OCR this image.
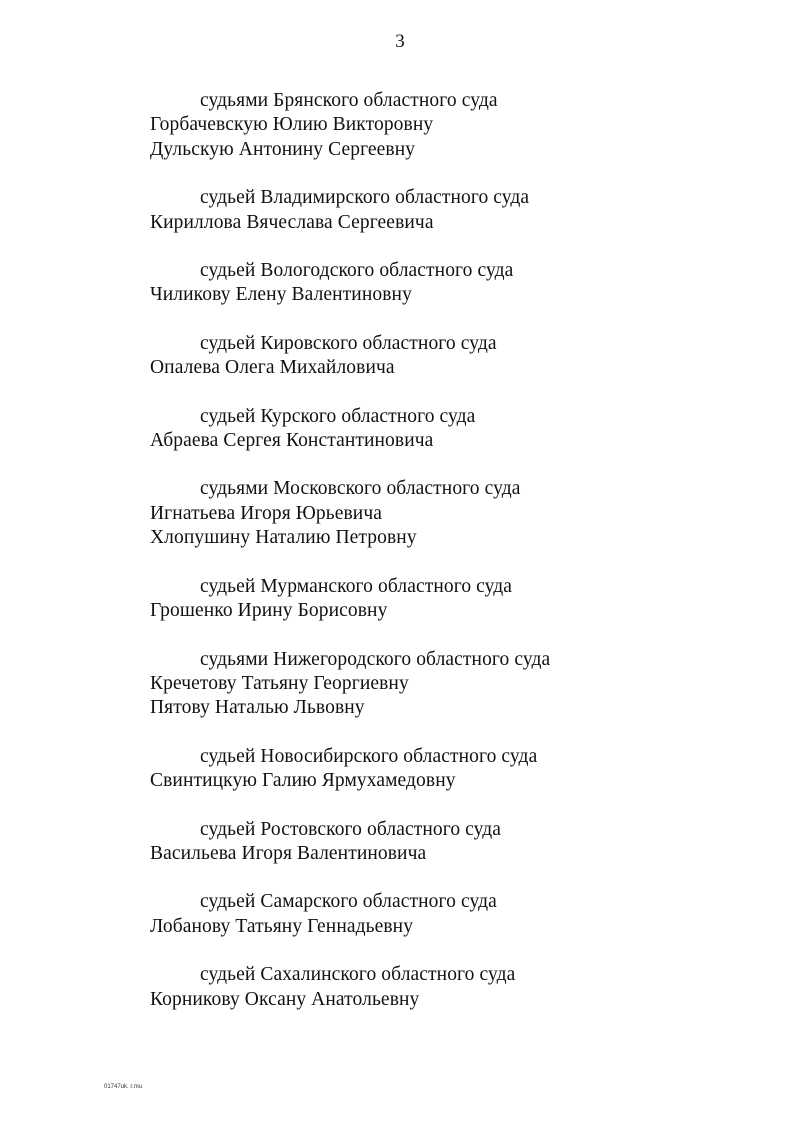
3
судьями Брянского областного суда
Горбачевскую Юлию Викторовну
Дульскую Антонину Сергеевну
судьей Владимирского областного суда
Кириллова Вячеслава Сергеевича
судьей Вологодского областного суда
Чиликову Елену Валентиновну
судьей Кировского областного суда
Опалева Олега Михайловича
судьей Курского областного суда
Абраева Сергея Константиновича
судьями Московского областного суда
Игнатьева Игоря Юрьевича
Хлопушину Наталию Петровну
судьей Мурманского областного суда
Грошенко Ирину Борисовну
судьями Нижегородского областного суда
Кречетову Татьяну Георгиевну
Пятову Наталью Львовну
судьей Новосибирского областного суда
Свинтицкую Галию Ярмухамедовну
судьей Ростовского областного суда
Васильева Игоря Валентиновича
судьей Самарского областного суда
Лобанову Татьяну Геннадьевну
судьей Сахалинского областного суда
Корникову Оксану Анатольевну
01747uk. r.mu
